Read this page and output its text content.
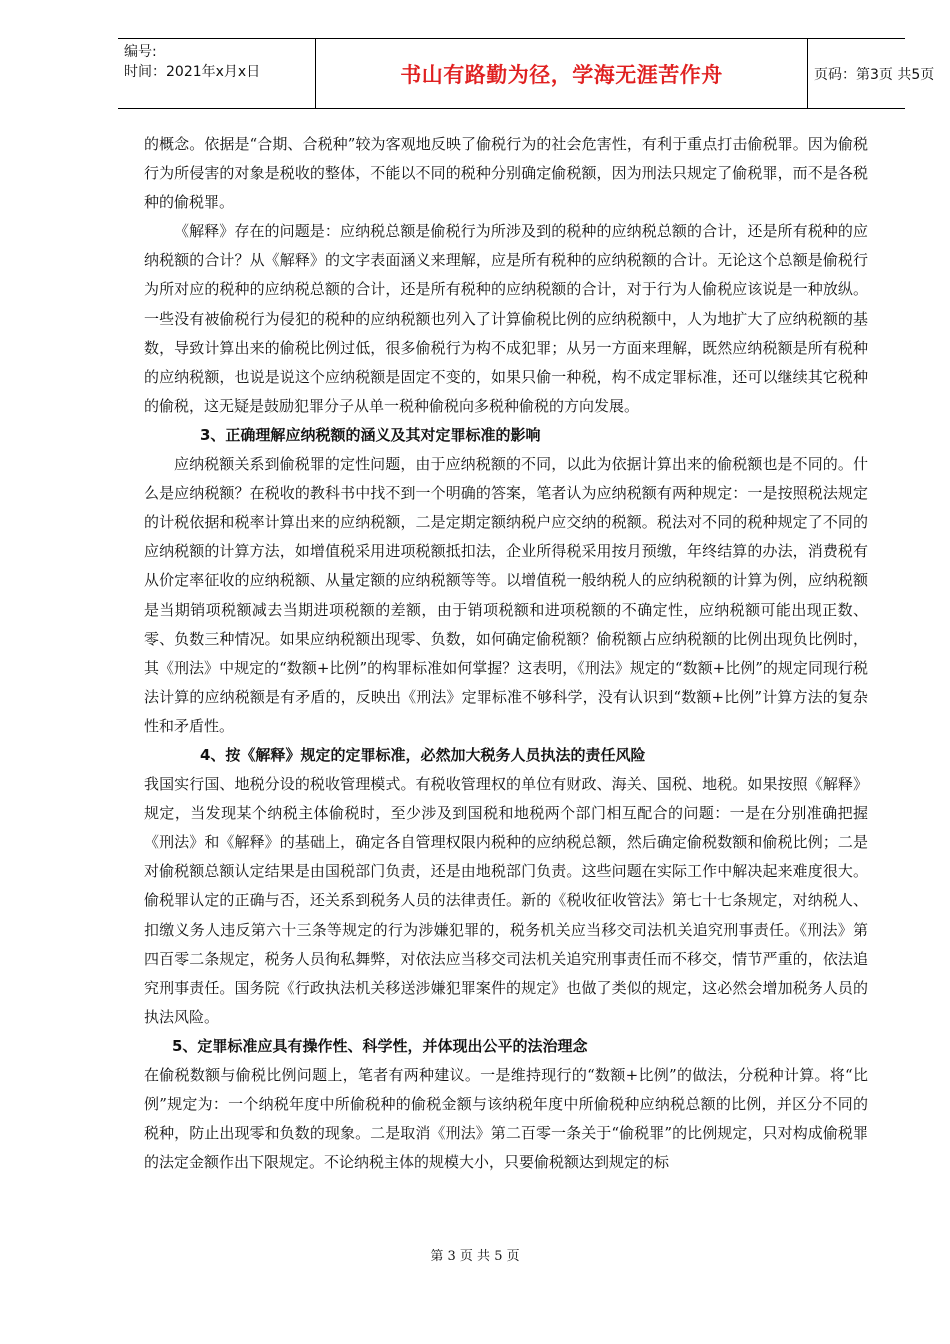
编号:
时间：2021年x月x日	书山有路勤为径，学海无涯苦作舟	页码：第3页 共5页

的概念。依据是“合期、合税种”较为客观地反映了偷税行为的社会危害性，有利于重点打击偷税罪。因为偷税行为所侵害的对象是税收的整体，不能以不同的税种分别确定偷税额，因为刑法只规定了偷税罪，而不是各税种的偷税罪。

《解释》存在的问题是：应纳税总额是偷税行为所涉及到的税种的应纳税总额的合计，还是所有税种的应纳税额的合计？从《解释》的文字表面涵义来理解，应是所有税种的应纳税额的合计。无论这个总额是偷税行为所对应的税种的应纳税总额的合计，还是所有税种的应纳税额的合计，对于行为人偷税应该说是一种放纵。一些没有被偷税行为侵犯的税种的应纳税额也列入了计算偷税比例的应纳税额中，人为地扩大了应纳税额的基数，导致计算出来的偷税比例过低，很多偷税行为构不成犯罪；从另一方面来理解，既然应纳税额是所有税种的应纳税额，也说是说这个应纳税额是固定不变的，如果只偷一种税，构不成定罪标准，还可以继续其它税种的偷税，这无疑是鼓励犯罪分子从单一税种偷税向多税种偷税的方向发展。

3、正确理解应纳税额的涵义及其对定罪标准的影响

应纳税额关系到偷税罪的定性问题，由于应纳税额的不同，以此为依据计算出来的偷税额也是不同的。什么是应纳税额？在税收的教科书中找不到一个明确的答案，笔者认为应纳税额有两种规定：一是按照税法规定的计税依据和税率计算出来的应纳税额，二是定期定额纳税户应交纳的税额。税法对不同的税种规定了不同的应纳税额的计算方法，如增值税采用进项税额抵扣法，企业所得税采用按月预缴，年终结算的办法，消费税有从价定率征收的应纳税额、从量定额的应纳税额等等。以增值税一般纳税人的应纳税额的计算为例，应纳税额是当期销项税额减去当期进项税额的差额，由于销项税额和进项税额的不确定性，应纳税额可能出现正数、零、负数三种情况。如果应纳税额出现零、负数，如何确定偷税额？偷税额占应纳税额的比例出现负比例时，其《刑法》中规定的“数额+比例”的构罪标准如何掌握？这表明，《刑法》规定的“数额+比例”的规定同现行税法计算的应纳税额是有矛盾的，反映出《刑法》定罪标准不够科学，没有认识到“数额+比例”计算方法的复杂性和矛盾性。

4、按《解释》规定的定罪标准，必然加大税务人员执法的责任风险

我国实行国、地税分设的税收管理模式。有税收管理权的单位有财政、海关、国税、地税。如果按照《解释》规定，当发现某个纳税主体偷税时，至少涉及到国税和地税两个部门相互配合的问题：一是在分别准确把握《刑法》和《解释》的基础上，确定各自管理权限内税种的应纳税总额，然后确定偷税数额和偷税比例；二是对偷税额总额认定结果是由国税部门负责，还是由地税部门负责。这些问题在实际工作中解决起来难度很大。偷税罪认定的正确与否，还关系到税务人员的法律责任。新的《税收征收管法》第七十七条规定，对纳税人、扣缴义务人违反第六十三条等规定的行为涉嫌犯罪的，税务机关应当移交司法机关追究刑事责任。《刑法》第四百零二条规定，税务人员徇私舞弊，对依法应当移交司法机关追究刑事责任而不移交，情节严重的，依法追究刑事责任。国务院《行政执法机关移送涉嫌犯罪案件的规定》也做了类似的规定，这必然会增加税务人员的执法风险。

5、定罪标准应具有操作性、科学性，并体现出公平的法治理念

在偷税数额与偷税比例问题上，笔者有两种建议。一是维持现行的“数额+比例”的做法，分税种计算。将“比例”规定为：一个纳税年度中所偷税种的偷税金额与该纳税年度中所偷税种应纳税总额的比例，并区分不同的税种，防止出现零和负数的现象。二是取消《刑法》第二百零一条关于“偷税罪”的比例规定，只对构成偷税罪的法定金额作出下限规定。不论纳税主体的规模大小，只要偷税额达到规定的标

第 3 页 共 5 页
